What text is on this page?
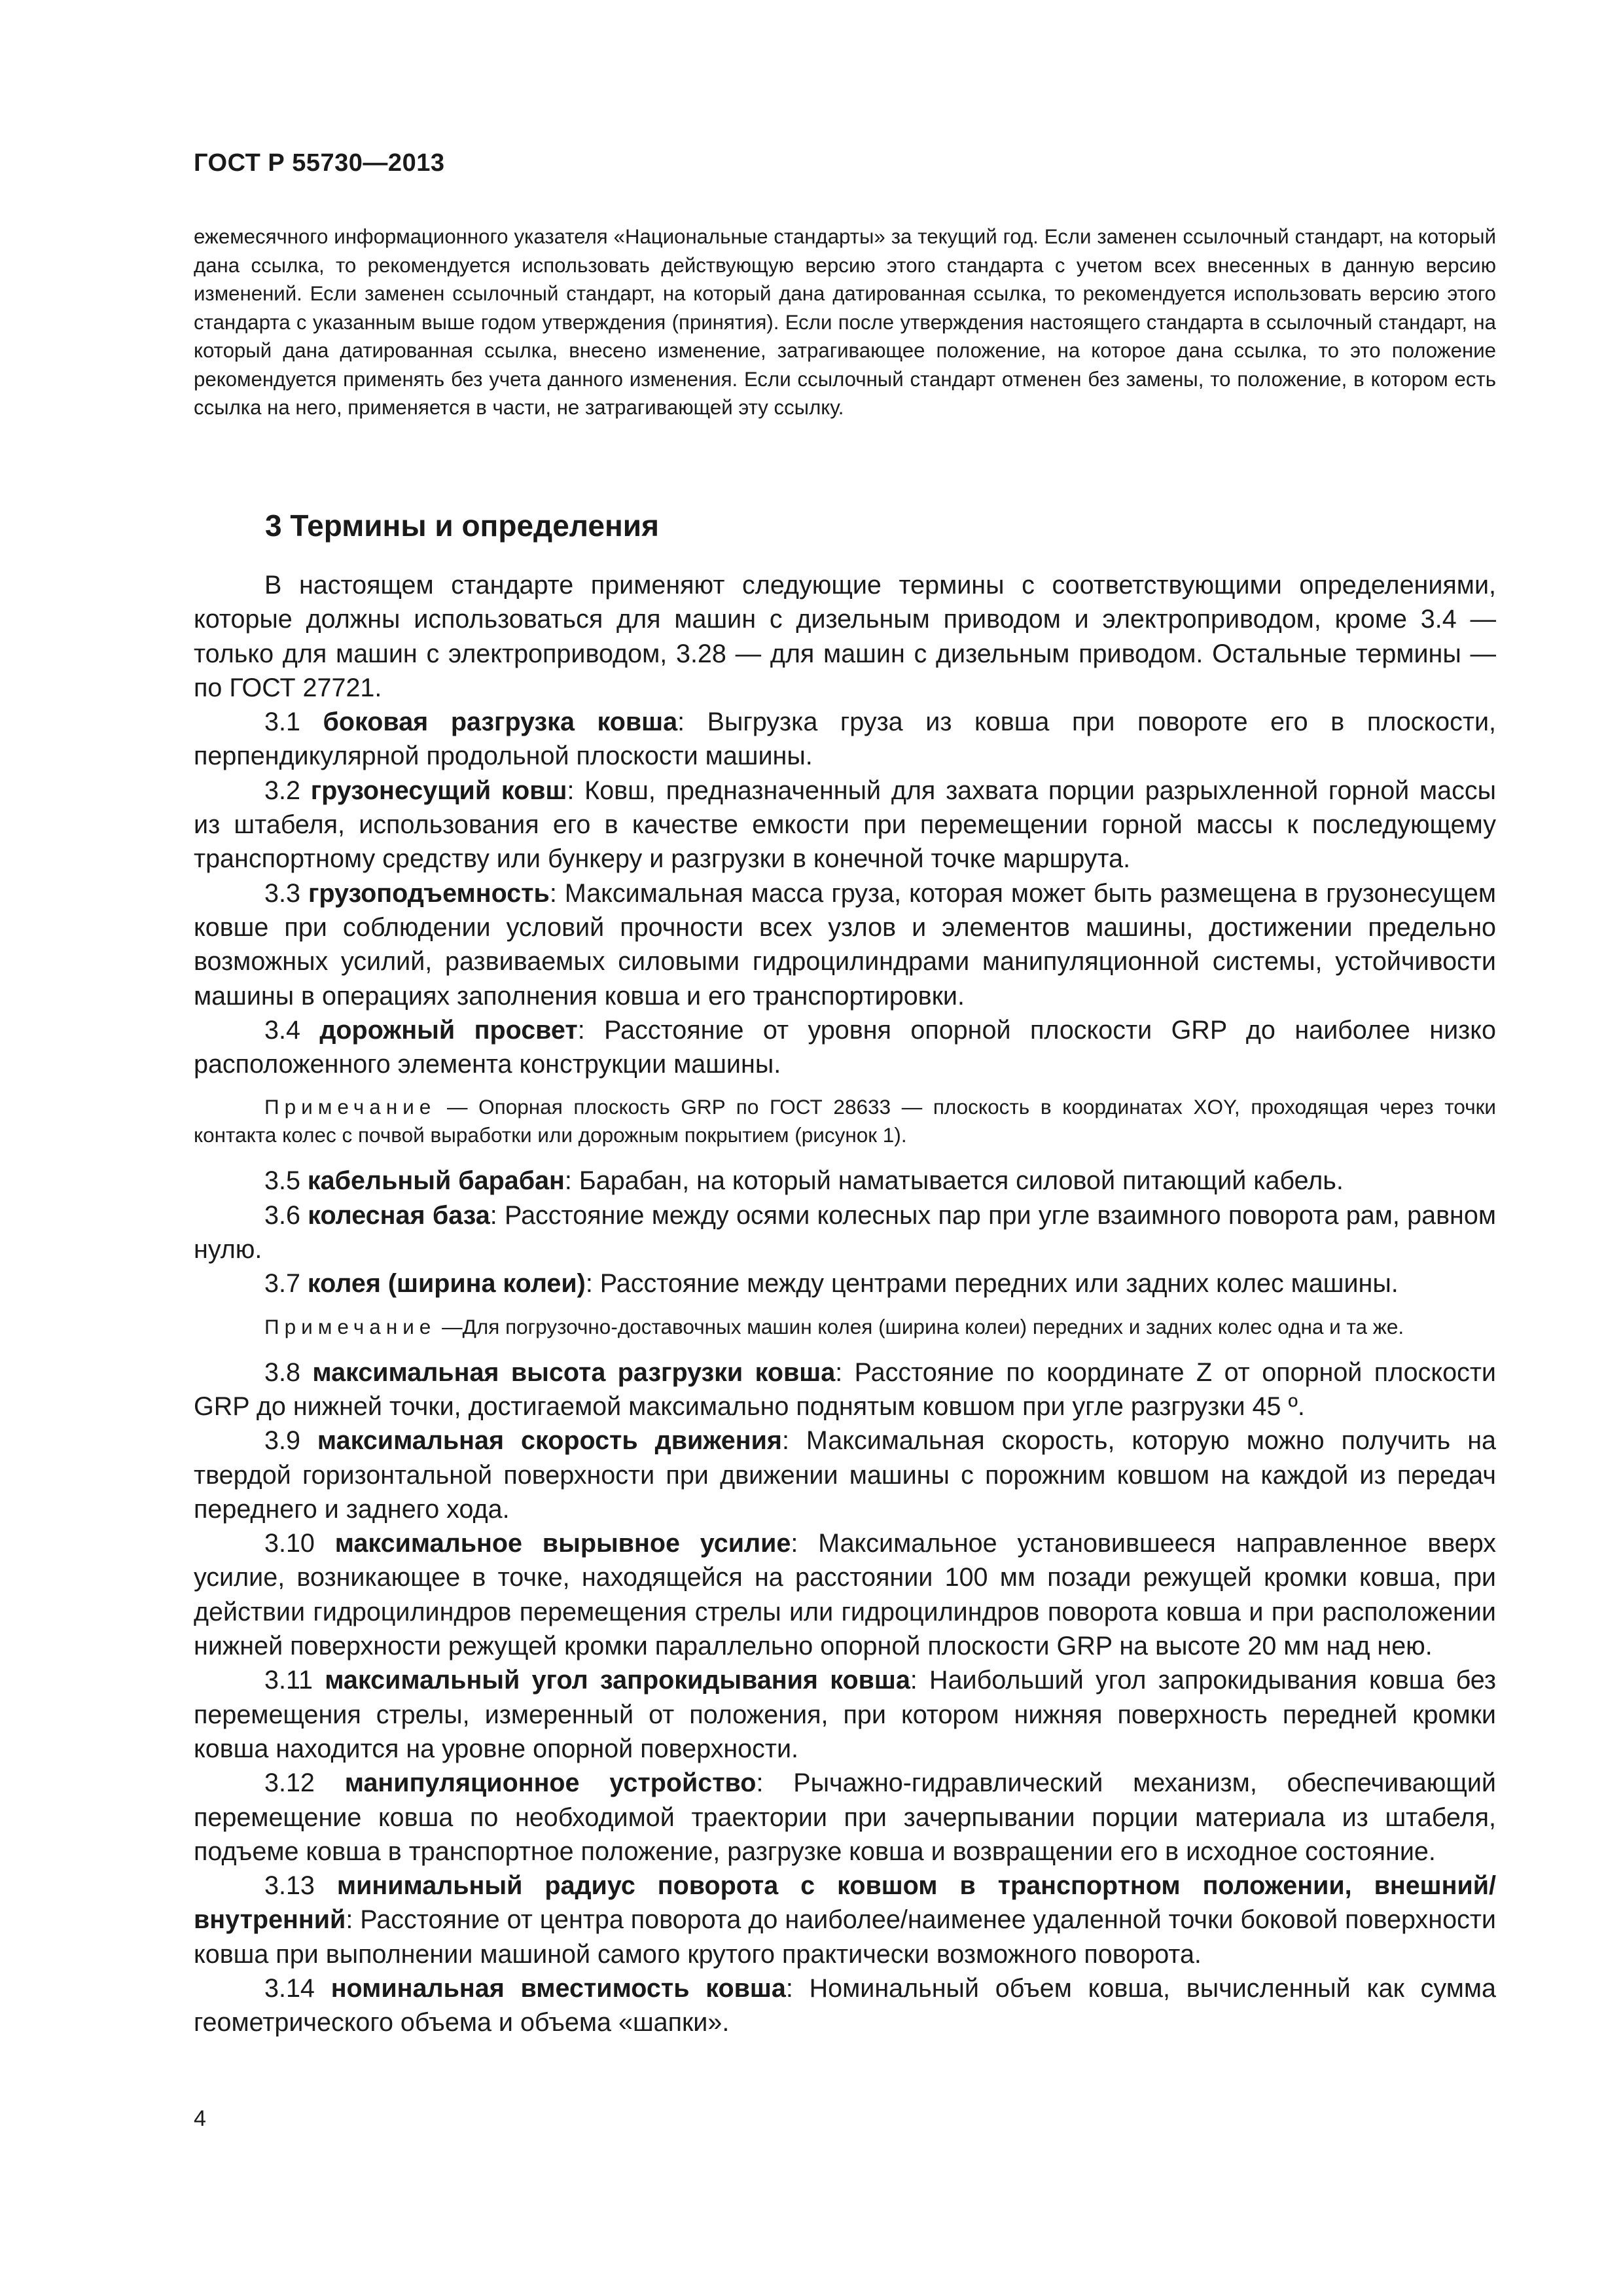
ГОСТ Р 55730—2013

ежемесячного информационного указателя «Национальные стандарты» за текущий год. Если заменен ссылочный стандарт, на который дана ссылка, то рекомендуется использовать действующую версию этого стандарта с учетом всех внесенных в данную версию изменений. Если заменен ссылочный стандарт, на который дана датированная ссылка, то рекомендуется использовать версию этого стандарта с указанным выше годом утверждения (принятия). Если после утверждения настоящего стандарта в ссылочный стандарт, на который дана датированная ссылка, внесено изменение, затрагивающее положение, на которое дана ссылка, то это положение рекомендуется применять без учета данного изменения. Если ссылочный стандарт отменен без замены, то положение, в котором есть ссылка на него, применяется в части, не затрагивающей эту ссылку.

3 Термины и определения

В настоящем стандарте применяют следующие термины с соответствующими определениями, которые должны использоваться для машин с дизельным приводом и электроприводом, кроме 3.4 — только для машин с электроприводом, 3.28 — для машин с дизельным приводом. Остальные термины — по ГОСТ 27721.

3.1 боковая разгрузка ковша: Выгрузка груза из ковша при повороте его в плоскости, перпендикулярной продольной плоскости машины.

3.2 грузонесущий ковш: Ковш, предназначенный для захвата порции разрыхленной горной массы из штабеля, использования его в качестве емкости при перемещении горной массы к последующему транспортному средству или бункеру и разгрузки в конечной точке маршрута.

3.3 грузоподъемность: Максимальная масса груза, которая может быть размещена в грузонесущем ковше при соблюдении условий прочности всех узлов и элементов машины, достижении предельно возможных усилий, развиваемых силовыми гидроцилиндрами манипуляционной системы, устойчивости машины в операциях заполнения ковша и его транспортировки.

3.4 дорожный просвет: Расстояние от уровня опорной плоскости GRP до наиболее низко расположенного элемента конструкции машины.

Примечание — Опорная плоскость GRP по ГОСТ 28633 — плоскость в координатах XOY, проходящая через точки контакта колес с почвой выработки или дорожным покрытием (рисунок 1).

3.5 кабельный барабан: Барабан, на который наматывается силовой питающий кабель.

3.6 колесная база: Расстояние между осями колесных пар при угле взаимного поворота рам, равном нулю.

3.7 колея (ширина колеи): Расстояние между центрами передних или задних колес машины.

Примечание —Для погрузочно-доставочных машин колея (ширина колеи) передних и задних колес одна и та же.

3.8 максимальная высота разгрузки ковша: Расстояние по координате Z от опорной плоскости GRP до нижней точки, достигаемой максимально поднятым ковшом при угле разгрузки 45 º.

3.9 максимальная скорость движения: Максимальная скорость, которую можно получить на твердой горизонтальной поверхности при движении машины с порожним ковшом на каждой из передач переднего и заднего хода.

3.10 максимальное вырывное усилие: Максимальное установившееся направленное вверх усилие, возникающее в точке, находящейся на расстоянии 100 мм позади режущей кромки ковша, при действии гидроцилиндров перемещения стрелы или гидроцилиндров поворота ковша и при расположении нижней поверхности режущей кромки параллельно опорной плоскости GRP на высоте 20 мм над нею.

3.11 максимальный угол запрокидывания ковша: Наибольший угол запрокидывания ковша без перемещения стрелы, измеренный от положения, при котором нижняя поверхность передней кромки ковша находится на уровне опорной поверхности.

3.12 манипуляционное устройство: Рычажно-гидравлический механизм, обеспечивающий перемещение ковша по необходимой траектории при зачерпывании порции материала из штабеля, подъеме ковша в транспортное положение, разгрузке ковша и возвращении его в исходное состояние.

3.13 минимальный радиус поворота с ковшом в транспортном положении, внешний/внутренний: Расстояние от центра поворота до наиболее/наименее удаленной точки боковой поверхности ковша при выполнении машиной самого крутого практически возможного поворота.

3.14 номинальная вместимость ковша: Номинальный объем ковша, вычисленный как сумма геометрического объема и объема «шапки».

4
